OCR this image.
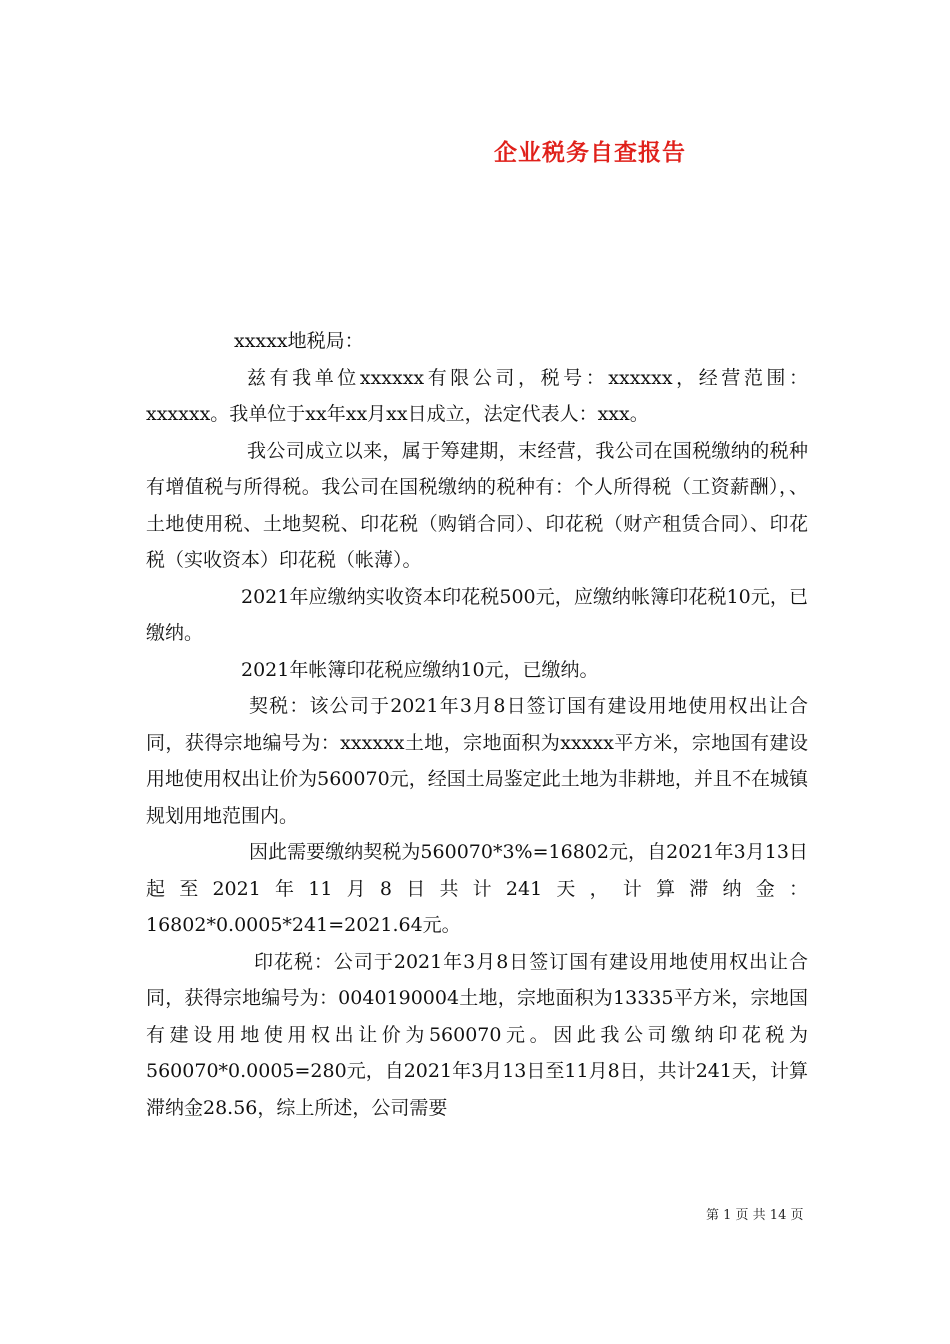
企业税务自查报告

xxxxx地税局：

兹有我单位xxxxxx有限公司，税号：xxxxxx，经营范围：xxxxxx。我单位于xx年xx月xx日成立，法定代表人：xxx。

我公司成立以来，属于筹建期，末经营，我公司在国税缴纳的税种有增值税与所得税。我公司在国税缴纳的税种有：个人所得税（工资薪酬），、土地使用税、土地契税、印花税（购销合同）、印花税（财产租赁合同）、印花税（实收资本）印花税（帐薄）。

2021年应缴纳实收资本印花税500元，应缴纳帐簿印花税10元，已缴纳。

2021年帐簿印花税应缴纳10元，已缴纳。

契税：该公司于2021年3月8日签订国有建设用地使用权出让合同，获得宗地编号为：xxxxxx土地，宗地面积为xxxxx平方米，宗地国有建设用地使用权出让价为560070元，经国土局鉴定此土地为非耕地，并且不在城镇规划用地范围内。

因此需要缴纳契税为560070*3%=16802元，自2021年3月13日起至2021年11月8日共计241天，计算滞纳金：16802*0.0005*241=2021.64元。

印花税：公司于2021年3月8日签订国有建设用地使用权出让合同，获得宗地编号为：0040190004土地，宗地面积为13335平方米，宗地国有建设用地使用权出让价为560070元。因此我公司缴纳印花税为560070*0.0005=280元，自2021年3月13日至11月8日，共计241天，计算滞纳金28.56，综上所述，公司需要

第 1 页 共 14 页
